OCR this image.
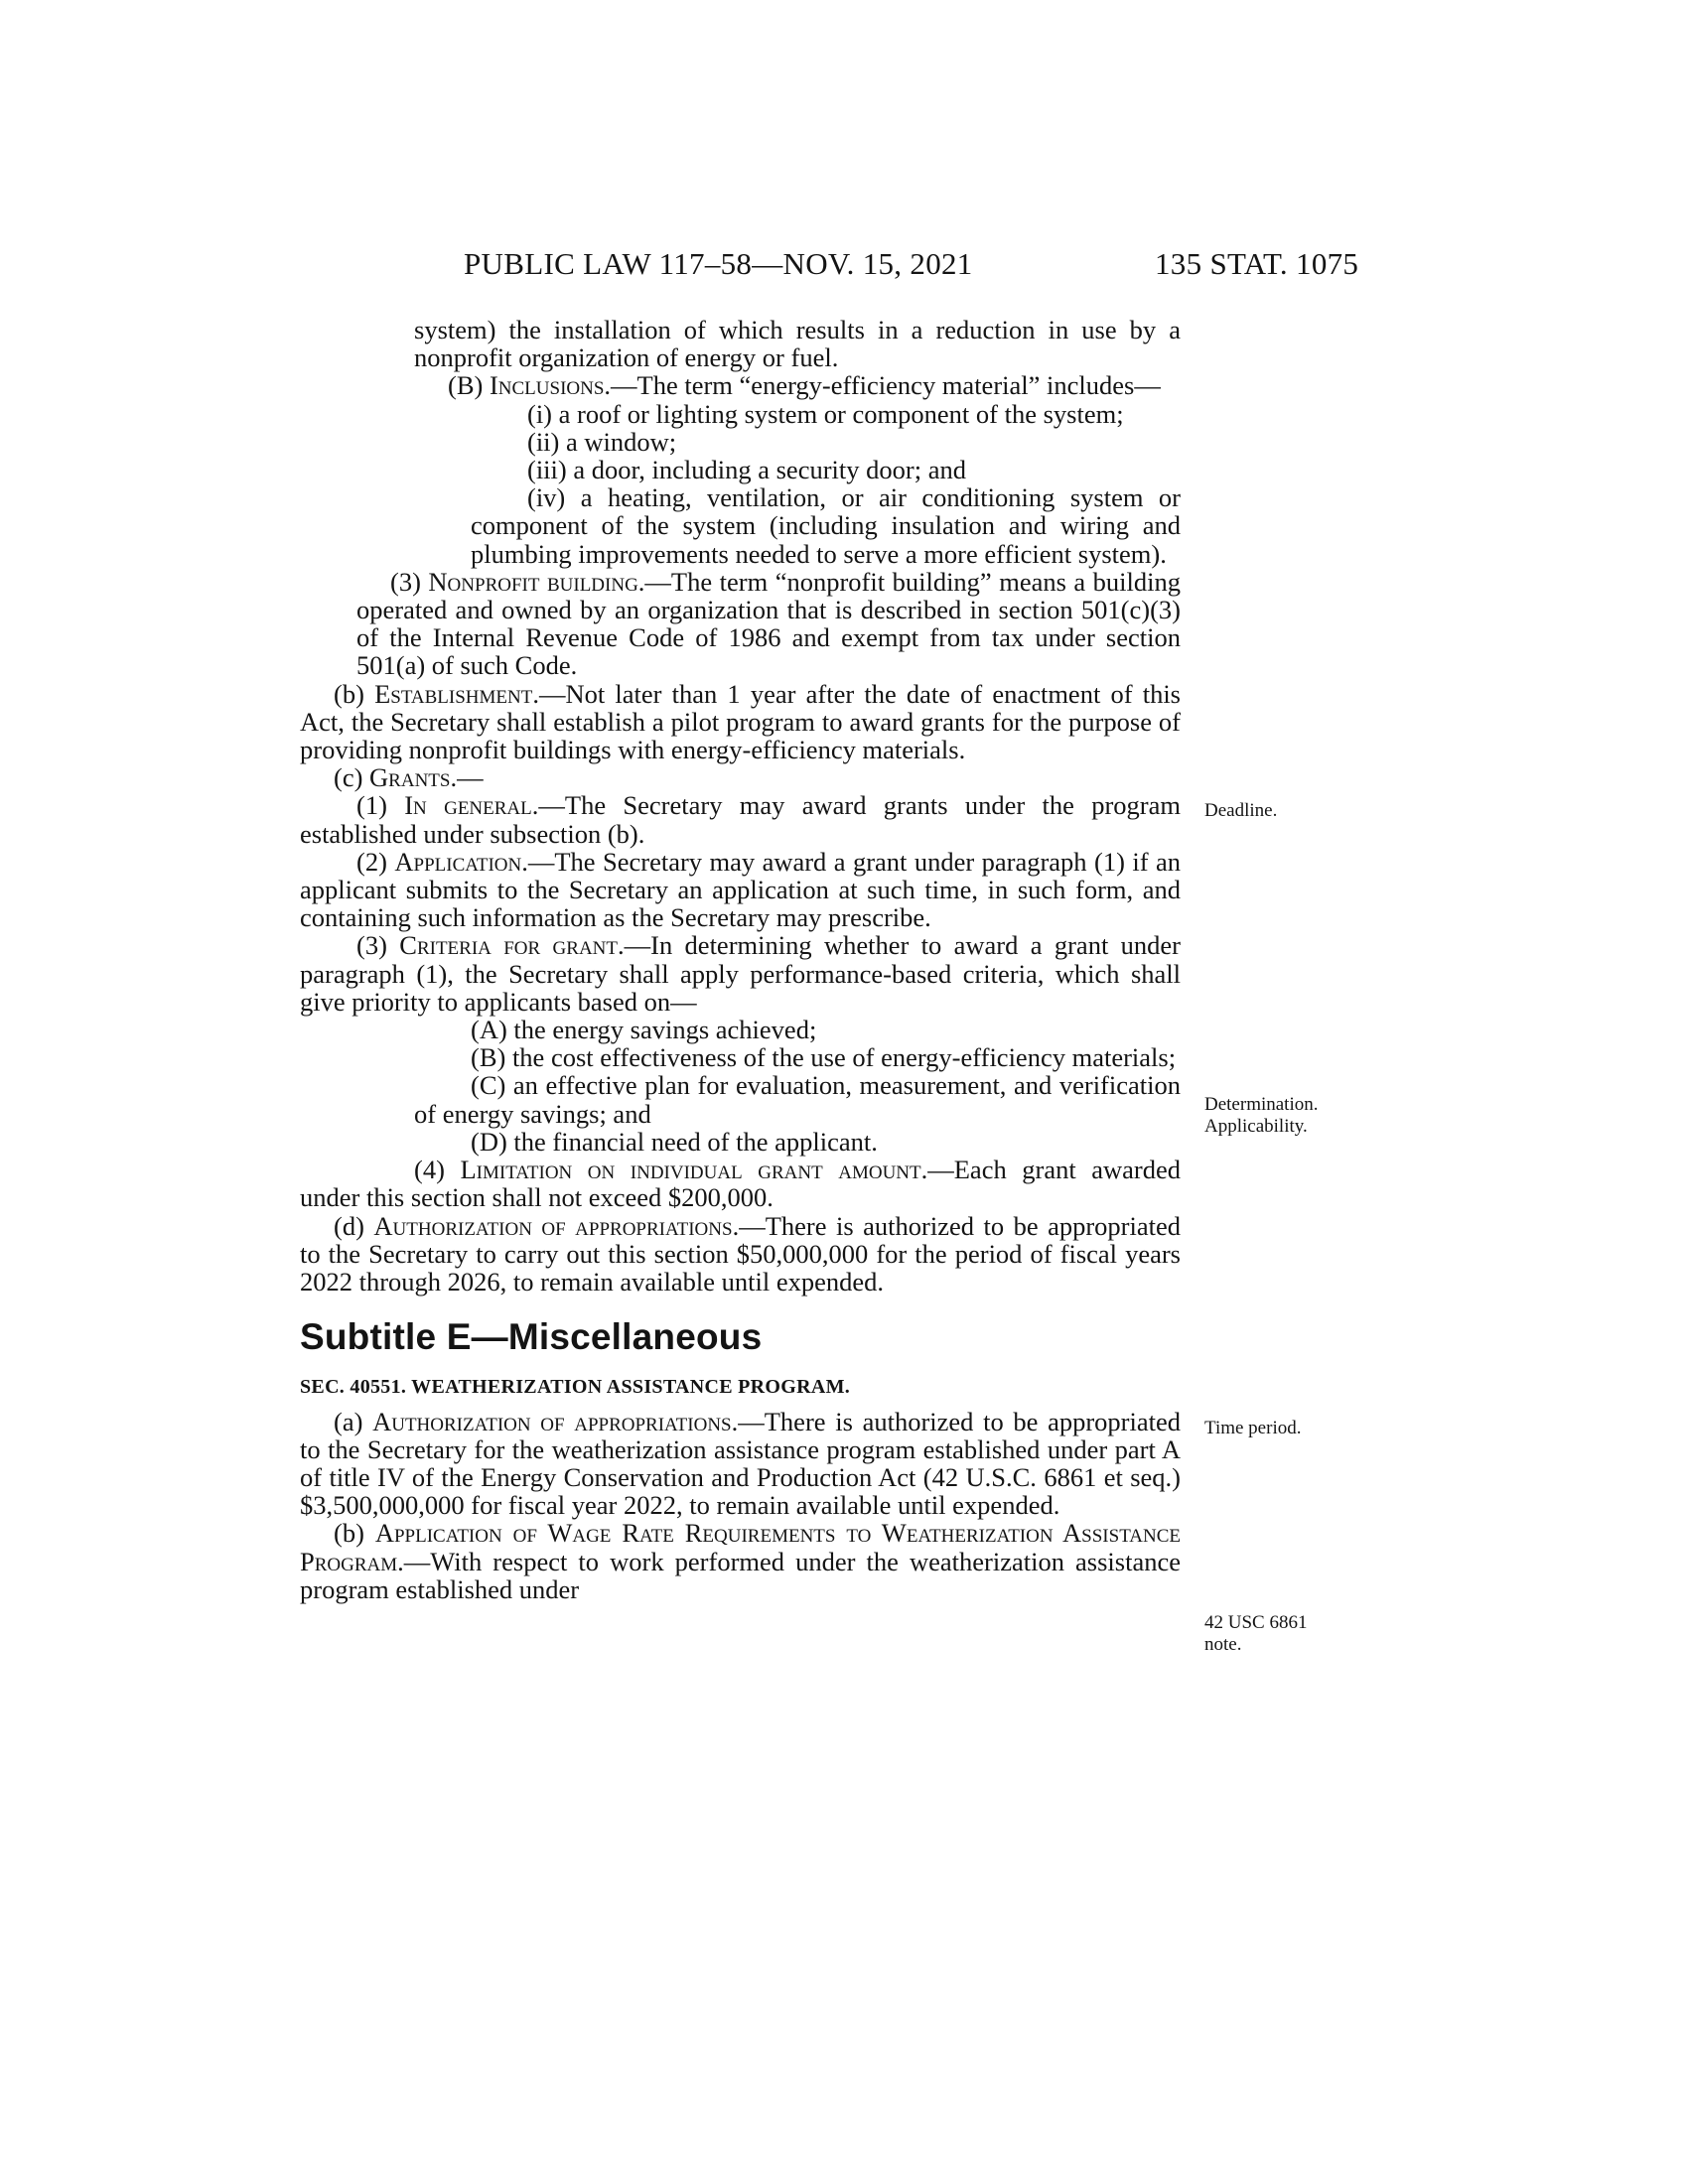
PUBLIC LAW 117–58—NOV. 15, 2021	135 STAT. 1075

system) the installation of which results in a reduction in use by a nonprofit organization of energy or fuel.

(B) Inclusions.—The term “energy-efficiency material” includes—

(i) a roof or lighting system or component of the system;

(ii) a window;

(iii) a door, including a security door; and

(iv) a heating, ventilation, or air conditioning system or component of the system (including insulation and wiring and plumbing improvements needed to serve a more efficient system).

(3) Nonprofit building.—The term “nonprofit building” means a building operated and owned by an organization that is described in section 501(c)(3) of the Internal Revenue Code of 1986 and exempt from tax under section 501(a) of such Code.

(b) Establishment.—Not later than 1 year after the date of enactment of this Act, the Secretary shall establish a pilot program to award grants for the purpose of providing nonprofit buildings with energy-efficiency materials.

(c) Grants.—

(1) In general.—The Secretary may award grants under the program established under subsection (b).

(2) Application.—The Secretary may award a grant under paragraph (1) if an applicant submits to the Secretary an application at such time, in such form, and containing such information as the Secretary may prescribe.

(3) Criteria for grant.—In determining whether to award a grant under paragraph (1), the Secretary shall apply performance-based criteria, which shall give priority to applicants based on—

(A) the energy savings achieved;

(B) the cost effectiveness of the use of energy-efficiency materials;

(C) an effective plan for evaluation, measurement, and verification of energy savings; and

(D) the financial need of the applicant.

(4) Limitation on individual grant amount.—Each grant awarded under this section shall not exceed $200,000.

(d) Authorization of appropriations.—There is authorized to be appropriated to the Secretary to carry out this section $50,000,000 for the period of fiscal years 2022 through 2026, to remain available until expended.

Subtitle E—Miscellaneous

SEC. 40551. WEATHERIZATION ASSISTANCE PROGRAM.

(a) Authorization of appropriations.—There is authorized to be appropriated to the Secretary for the weatherization assistance program established under part A of title IV of the Energy Conservation and Production Act (42 U.S.C. 6861 et seq.) $3,500,000,000 for fiscal year 2022, to remain available until expended.

(b) Application of Wage Rate Requirements to Weatherization Assistance Program.—With respect to work performed under the weatherization assistance program established under

Deadline.
Determination.
Applicability.
Time period.
42 USC 6861
note.
